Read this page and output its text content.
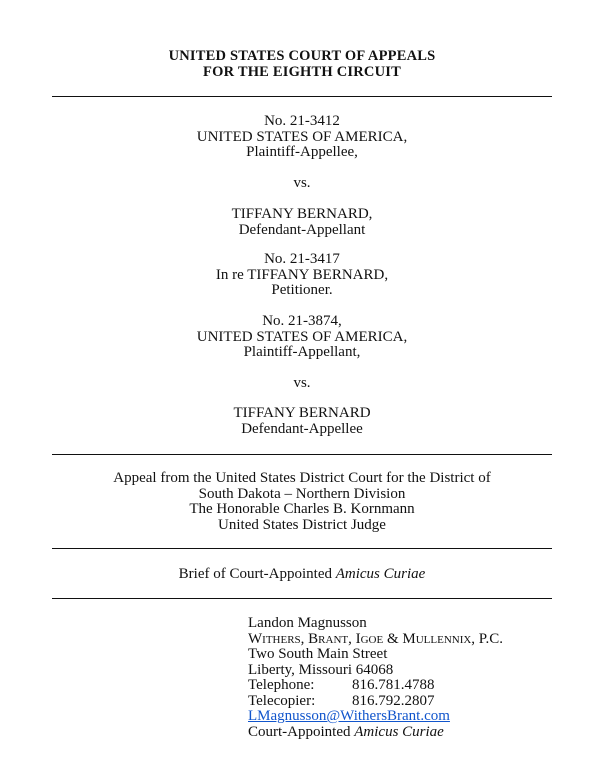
UNITED STATES COURT OF APPEALS
FOR THE EIGHTH CIRCUIT
No. 21-3412
UNITED STATES OF AMERICA,
Plaintiff-Appellee,
vs.
TIFFANY BERNARD,
Defendant-Appellant
No. 21-3417
In re TIFFANY BERNARD,
Petitioner.
No. 21-3874,
UNITED STATES OF AMERICA,
Plaintiff-Appellant,
vs.
TIFFANY BERNARD
Defendant-Appellee
Appeal from the United States District Court for the District of
South Dakota – Northern Division
The Honorable Charles B. Kornmann
United States District Judge
Brief of Court-Appointed Amicus Curiae
Landon Magnusson
Withers, Brant, Igoe & Mullennix, P.C.
Two South Main Street
Liberty, Missouri 64068
Telephone:	816.781.4788
Telecopier: 816.792.2807
LMagnusson@WithersBrant.com
Court-Appointed Amicus Curiae
